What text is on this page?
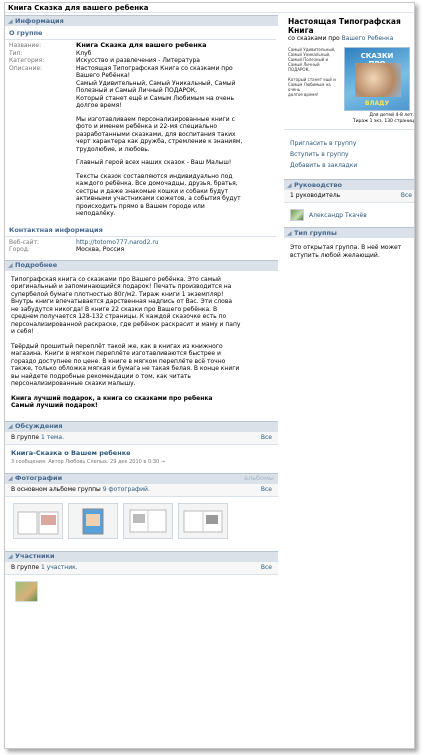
Книга Сказка для вашего ребенка
◢ Информация
О группе
Название:	Книга Сказка для вашего ребенка
Тип:	Клуб
Категория:	Искусство и развлечения - Литература
Описание:	Настоящая Типографская Книга со сказками про
Вашего Ребёнка!
Самый Удивительный, Самый Уникальный, Самый
Полезный и Самый Личный ПОДАРОК,
Который станет ещё и Самым Любимым на очень
долгое время!
Мы изготавливаем персонализированные книги с
фото и именем ребёнка и 22-мя специально
разработанными сказками, для воспитания таких
черт характера как дружба, стремление к знаниям,
трудолюбие, и любовь.
Главный герой всех наших сказок - Ваш Малыш!
Тексты сказок составляются индивидуально под
каждого ребёнка. Все домочадцы, друзья, братья,
сестры и даже знакомые кошки и собаки будут
активными участниками сюжетов, а события будут
происходить прямо в Вашем городе или
неподалёку.
Контактная информация
Веб-сайт:	http://totomo777.narod2.ru
Город:	Москва, Россия
◢ Подробнее
Типографская книга со сказками про Вашего ребёнка. Это самый
оригинальный и запоминающийся подарок! Печать производится на
супербелой бумаге плотностью 80г/м2. Тираж книги 1 экземпляр!
Внутрь книги впечатывается дарственная надпись от Вас. Эти слова
не забудутся никогда! В книге 22 сказки про Вашего ребёнка. В
среднем получается 128-132 страницы. К каждой сказочке есть по
персонализированной раскраске, где ребёнок раскрасит и маму и папу
и себя!
Твёрдый прошитый переплёт такой же, как в книгах из книжного
магазина. Книги в мягком переплёте изготавливаются быстрее и
гораздо доступнее по цене. В книге в мягком переплёте всё точно
также, только обложка мягкая и бумага не такая белая. В конце книги
вы найдете подробные рекомендации о том, как читать
персонализированные сказки малышу.
Книга лучший подарок, а книга со сказками про ребенка
Самый лучший подарок!
◢ Обсуждения
В группе 1 тема.	Все
Книга-Сказка о Вашем ребенке
3 сообщения. Автор Любовь Слепых. 29 дек 2010 в 0:30 →
◢ Фотографии	альбомы
В основном альбоме группы 9 фотографий.	Все
◢ Участники
В группе 1 участник.	Все
Настоящая Типографская Книга
со сказками про Вашего Ребенка
Самый Удивительный,
Самый Уникальный,
Самый Полезный и
Самый Личный ПОДАРОК,

Который станет ещё и
Самым Любимым на очень
долгое время!
СКАЗКИ
ВЛАДУ
Для детей 4-8 лет.
Тираж 1 экз. 130 страниц
Пригласить в группу
Вступить в группу
Добавить в закладки
◢ Руководство
1 руководитель	Все
Александр Ткачёв
◢ Тип группы
Это открытая группа. В неё может
вступить любой желающий.
